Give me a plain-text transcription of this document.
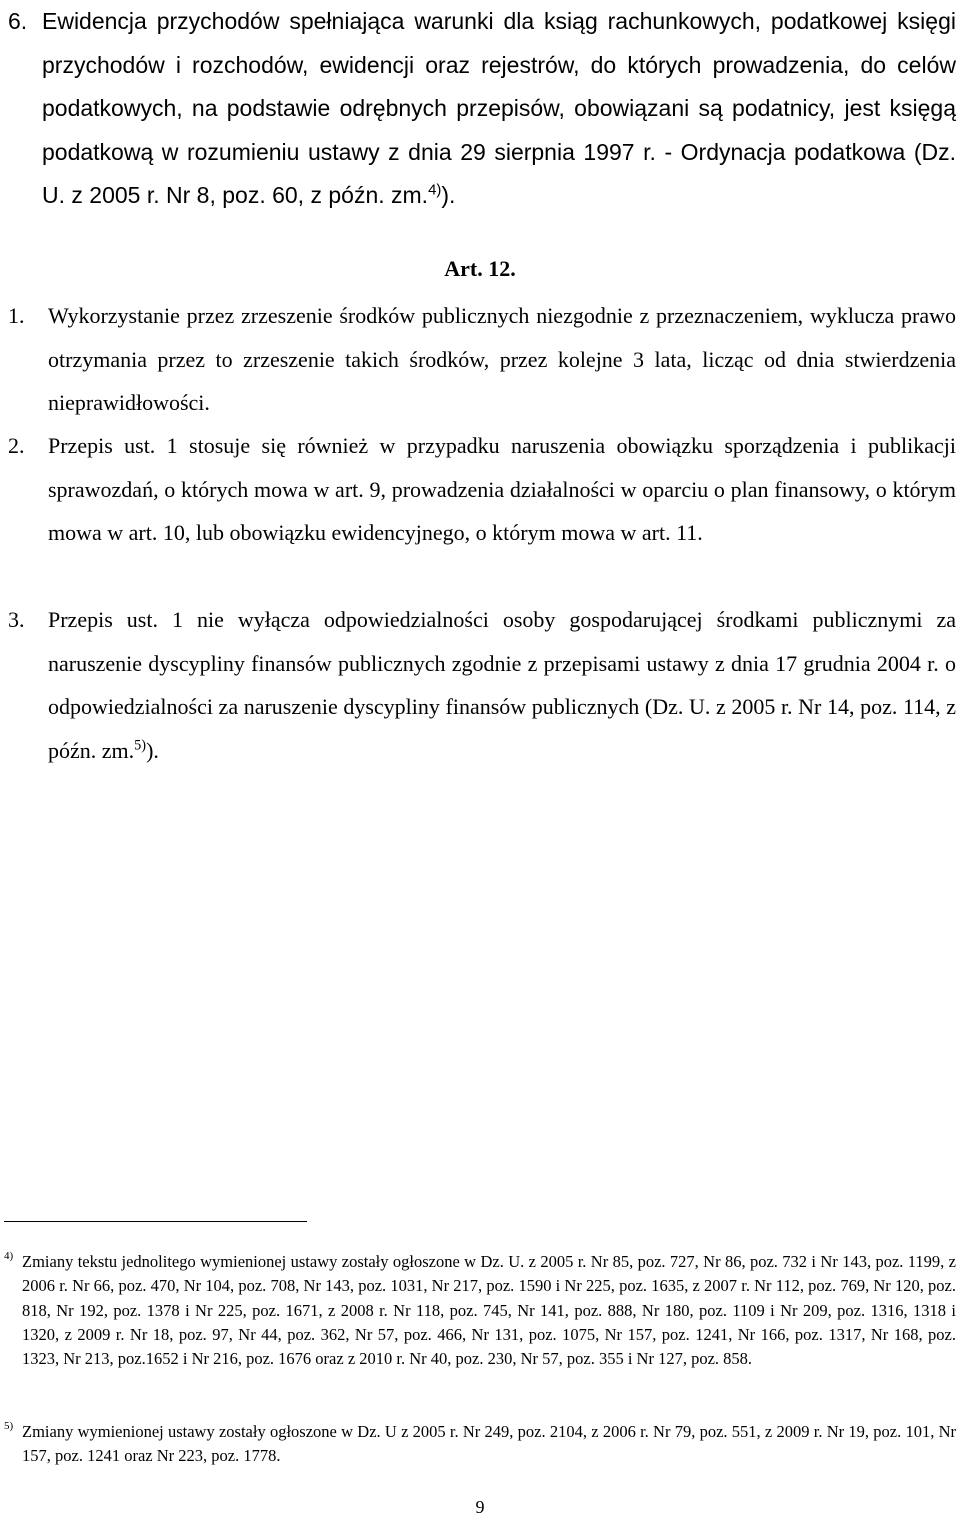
6. Ewidencja przychodów spełniająca warunki dla ksiąg rachunkowych, podatkowej księgi przychodów i rozchodów, ewidencji oraz rejestrów, do których prowadzenia, do celów podatkowych, na podstawie odrębnych przepisów, obowiązani są podatnicy, jest księgą podatkową w rozumieniu ustawy z dnia 29 sierpnia 1997 r. - Ordynacja podatkowa (Dz. U. z 2005 r. Nr 8, poz. 60, z późn. zm.$^{4)}$).
Art. 12.
1. Wykorzystanie przez zrzeszenie środków publicznych niezgodnie z przeznaczeniem, wyklucza prawo otrzymania przez to zrzeszenie takich środków, przez kolejne 3 lata, licząc od dnia stwierdzenia nieprawidłowości.
2. Przepis ust. 1 stosuje się również w przypadku naruszenia obowiązku sporządzenia i publikacji sprawozdań, o których mowa w art. 9, prowadzenia działalności w oparciu o plan finansowy, o którym mowa w art. 10, lub obowiązku ewidencyjnego, o którym mowa w art. 11.
3. Przepis ust. 1 nie wyłącza odpowiedzialności osoby gospodarującej środkami publicznymi za naruszenie dyscypliny finansów publicznych zgodnie z przepisami ustawy z dnia 17 grudnia 2004 r. o odpowiedzialności za naruszenie dyscypliny finansów publicznych (Dz. U. z 2005 r. Nr 14, poz. 114, z późn. zm.$^{5)}$).
4) Zmiany tekstu jednolitego wymienionej ustawy zostały ogłoszone w Dz. U. z 2005 r. Nr 85, poz. 727, Nr 86, poz. 732 i Nr 143, poz. 1199, z 2006 r. Nr 66, poz. 470, Nr 104, poz. 708, Nr 143, poz. 1031, Nr 217, poz. 1590 i Nr 225, poz. 1635, z 2007 r. Nr 112, poz. 769, Nr 120, poz. 818, Nr 192, poz. 1378 i Nr 225, poz. 1671, z 2008 r. Nr 118, poz. 745, Nr 141, poz. 888, Nr 180, poz. 1109 i Nr 209, poz. 1316, 1318 i 1320, z 2009 r. Nr 18, poz. 97, Nr 44, poz. 362, Nr 57, poz. 466, Nr 131, poz. 1075, Nr 157, poz. 1241, Nr 166, poz. 1317, Nr 168, poz. 1323, Nr 213, poz.1652 i Nr 216, poz. 1676 oraz z 2010 r. Nr 40, poz. 230, Nr 57, poz. 355 i Nr 127, poz. 858.
5) Zmiany wymienionej ustawy zostały ogłoszone w Dz. U z 2005 r. Nr 249, poz. 2104, z 2006 r. Nr 79, poz. 551, z 2009 r. Nr 19, poz. 101, Nr 157, poz. 1241 oraz Nr 223, poz. 1778.
9
